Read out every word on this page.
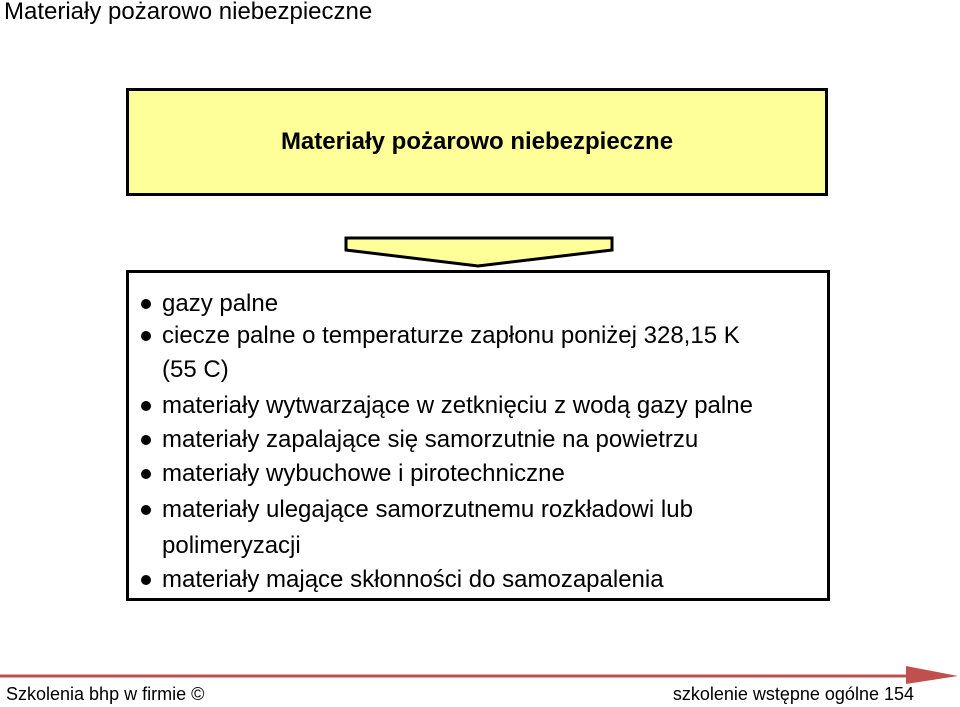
Materiały pożarowo niebezpieczne
Materiały pożarowo niebezpieczne
gazy palne
ciecze palne o temperaturze zapłonu poniżej 328,15 K
(55 C)
materiały wytwarzające w zetknięciu z wodą gazy palne
materiały zapalające się samorzutnie na powietrzu
materiały wybuchowe i pirotechniczne
materiały ulegające samorzutnemu rozkładowi lub
polimeryzacji
materiały mające skłonności do samozapalenia
Szkolenia bhp w firmie ©	szkolenie wstępne ogólne 154
